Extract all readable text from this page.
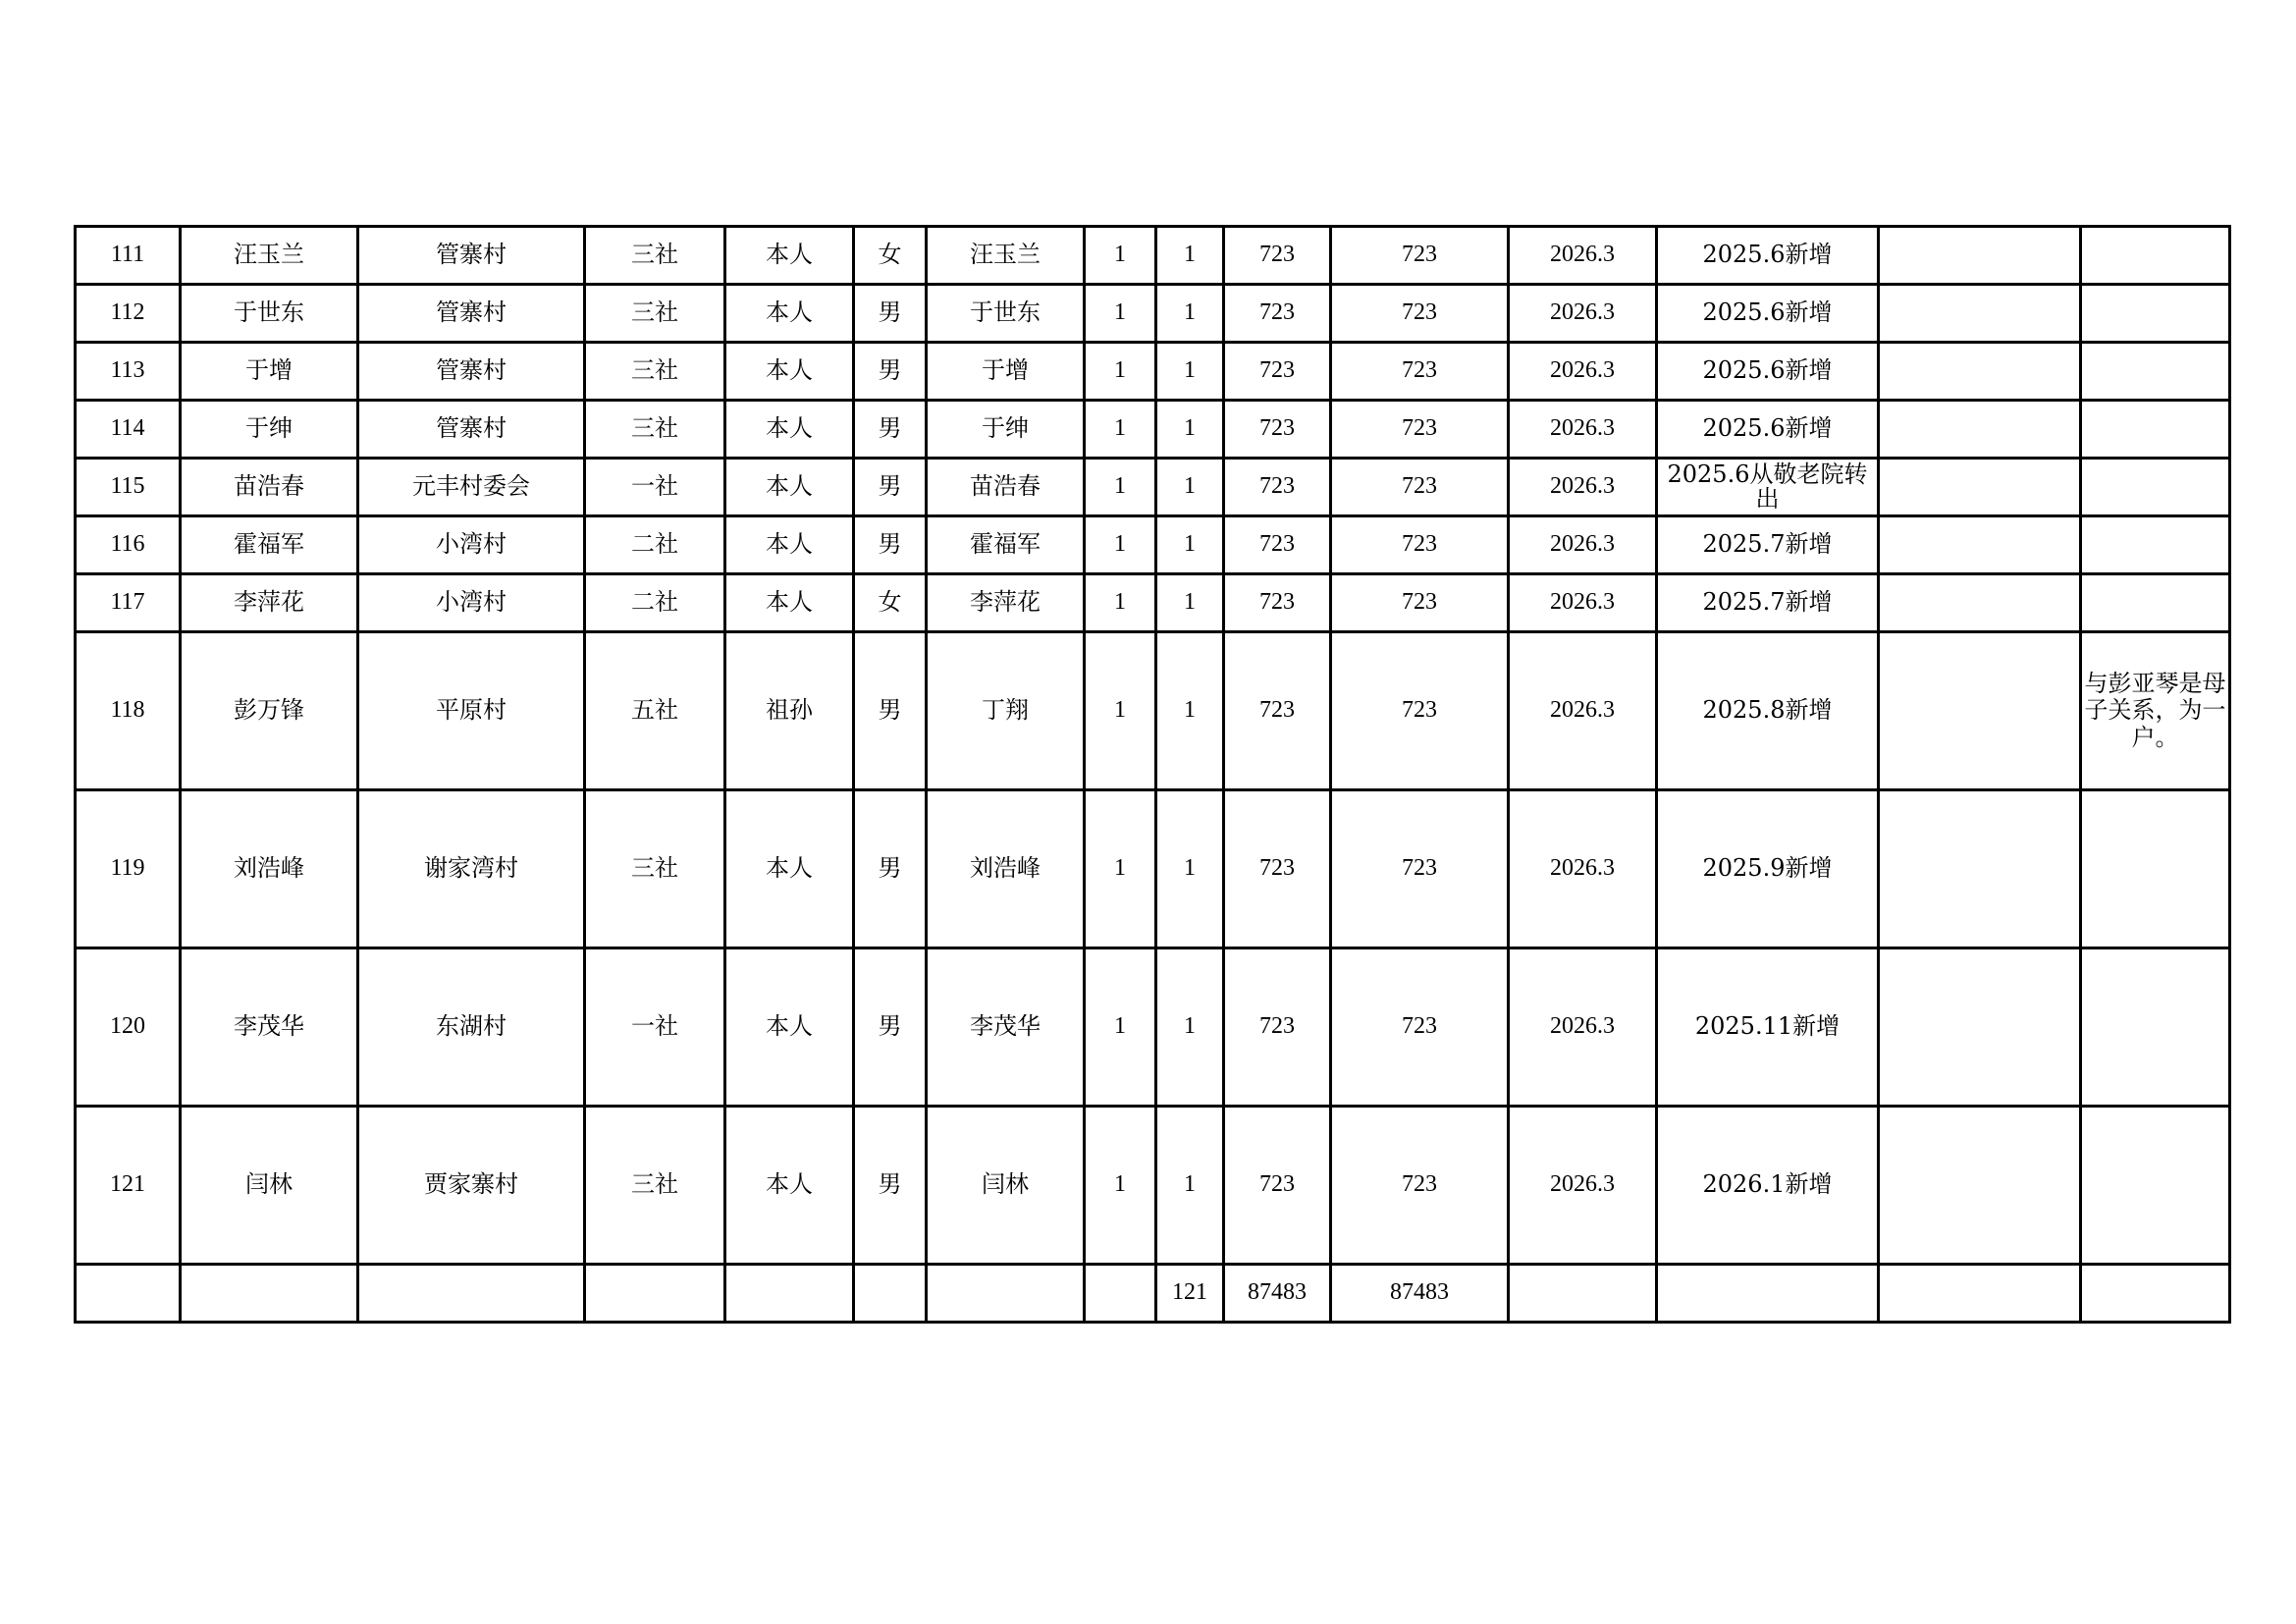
111	汪玉兰	管寨村	三社	本人	女	汪玉兰	1	1	723	723	2026.3	2025.6新增		
112	于世东	管寨村	三社	本人	男	于世东	1	1	723	723	2026.3	2025.6新增		
113	于增	管寨村	三社	本人	男	于增	1	1	723	723	2026.3	2025.6新增		
114	于绅	管寨村	三社	本人	男	于绅	1	1	723	723	2026.3	2025.6新增		
115	苗浩春	元丰村委会	一社	本人	男	苗浩春	1	1	723	723	2026.3	2025.6从敬老院转出		
116	霍福军	小湾村	二社	本人	男	霍福军	1	1	723	723	2026.3	2025.7新增		
117	李萍花	小湾村	二社	本人	女	李萍花	1	1	723	723	2026.3	2025.7新增		
118	彭万锋	平原村	五社	祖孙	男	丁翔	1	1	723	723	2026.3	2025.8新增		与彭亚琴是母子关系，为一户。
119	刘浩峰	谢家湾村	三社	本人	男	刘浩峰	1	1	723	723	2026.3	2025.9新增		
120	李茂华	东湖村	一社	本人	男	李茂华	1	1	723	723	2026.3	2025.11新增		
121	闫林	贾家寨村	三社	本人	男	闫林	1	1	723	723	2026.3	2026.1新增		
								121	87483	87483				
